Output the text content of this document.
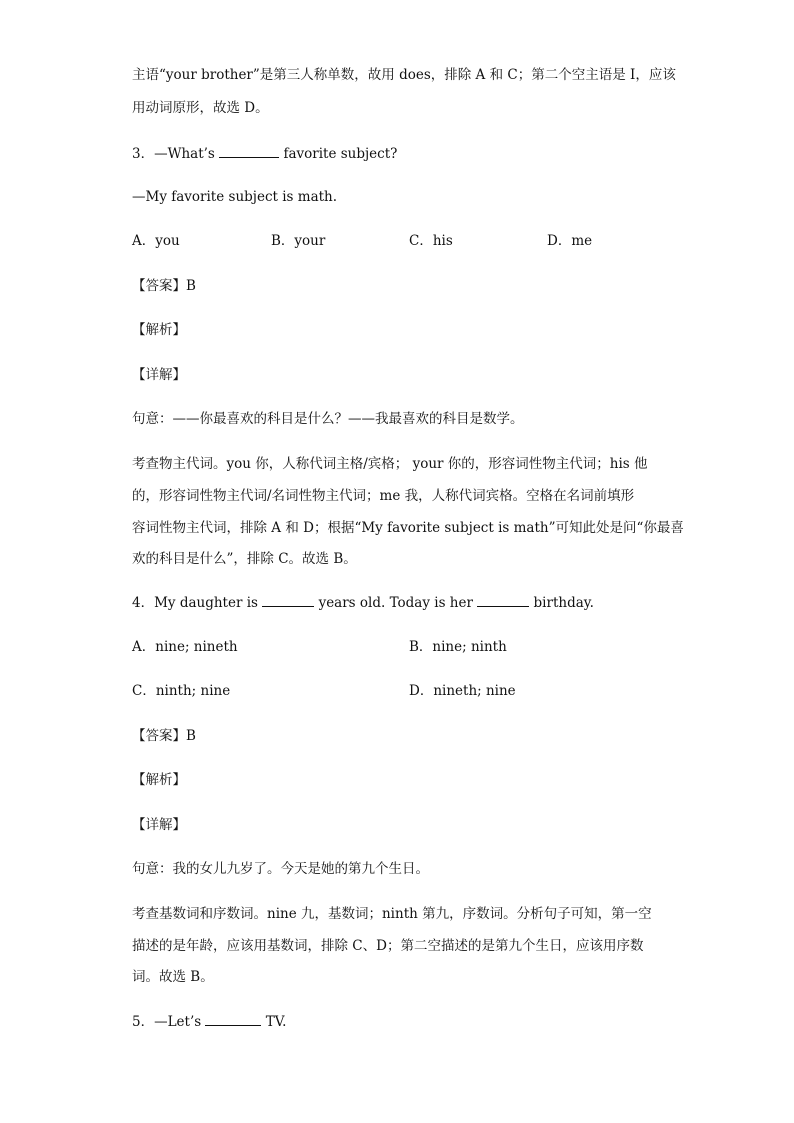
主语“your brother”是第三人称单数，故用 does，排除 A 和 C；第二个空主语是 I，应该
用动词原形，故选 D。
3．—What’s	favorite subject?
—My favorite subject is math.
A．you	B．your	C．his	D．me
【答案】B
【解析】
【详解】
句意：——你最喜欢的科目是什么？——我最喜欢的科目是数学。
考查物主代词。you 你，人称代词主格/宾格； your 你的，形容词性物主代词；his 他
的，形容词性物主代词/名词性物主代词；me 我，人称代词宾格。空格在名词前填形
容词性物主代词，排除 A 和 D；根据“My favorite subject is math”可知此处是问“你最喜
欢的科目是什么”，排除 C。故选 B。
4．My daughter is	years old. Today is her	birthday.
A．nine; nineth	B．nine; ninth
C．ninth; nine	D．nineth; nine
【答案】B
【解析】
【详解】
句意：我的女儿九岁了。今天是她的第九个生日。
考查基数词和序数词。nine 九，基数词；ninth 第九，序数词。分析句子可知，第一空
描述的是年龄，应该用基数词，排除 C、D；第二空描述的是第九个生日，应该用序数
词。故选 B。
5．—Let’s	TV.
